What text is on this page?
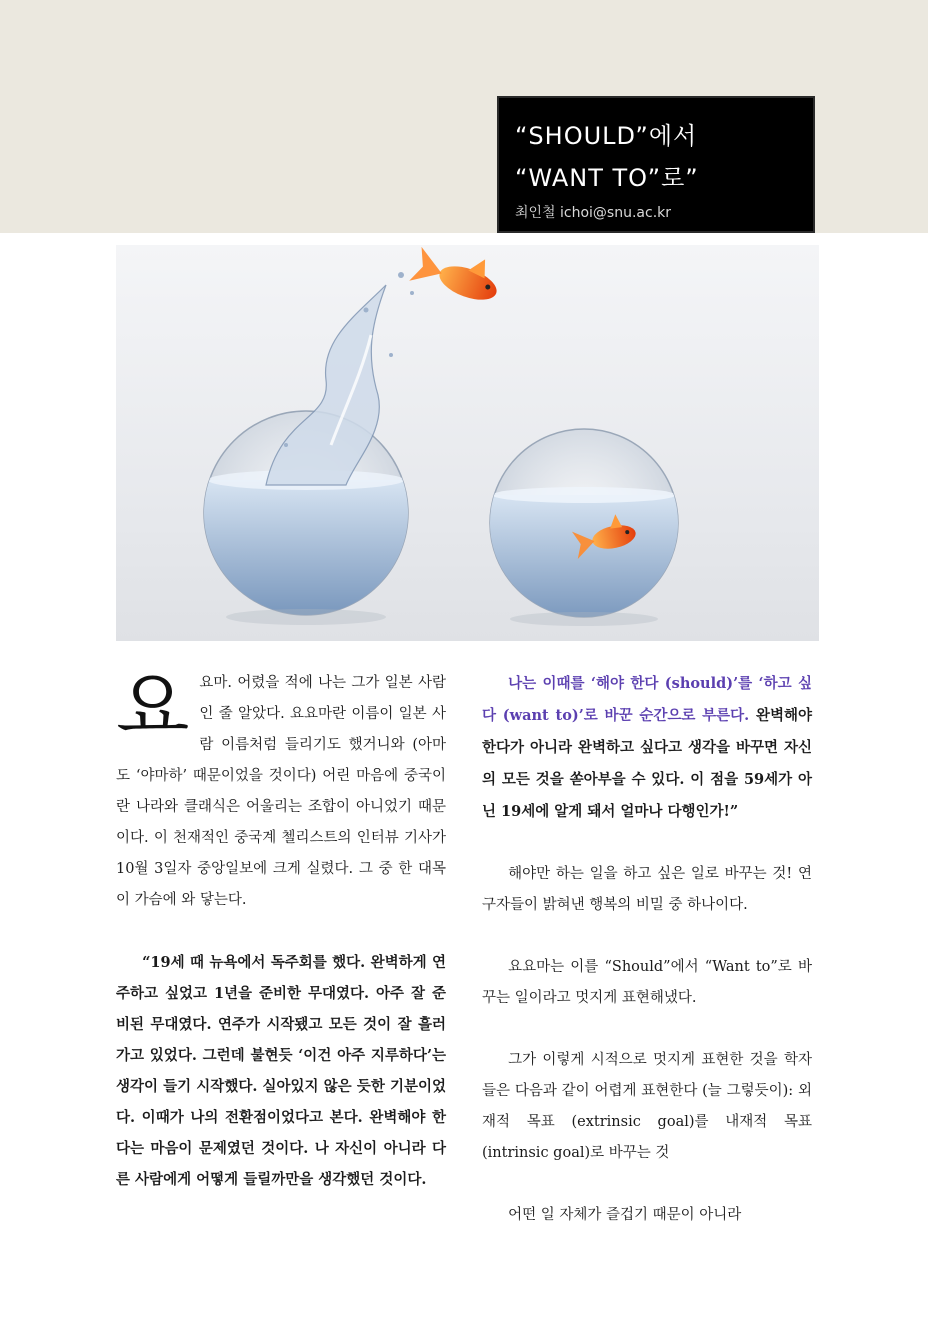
“SHOULD”에서
“WANT TO”로”
최인철 ichoi@snu.ac.kr

요 요마. 어렸을 적에 나는 그가 일본 사람인 줄 알았다. 요요마란 이름이 일본 사람 이름처럼 들리기도 했거니와 (아마도 ‘야마하’ 때문이었을 것이다) 어린 마음에 중국이란 나라와 클래식은 어울리는 조합이 아니었기 때문이다. 이 천재적인 중국계 첼리스트의 인터뷰 기사가 10월 3일자 중앙일보에 크게 실렸다. 그 중 한 대목이 가슴에 와 닿는다.

“19세 때 뉴욕에서 독주회를 했다. 완벽하게 연주하고 싶었고 1년을 준비한 무대였다. 아주 잘 준비된 무대였다. 연주가 시작됐고 모든 것이 잘 흘러가고 있었다. 그런데 불현듯 ‘이건 아주 지루하다’는 생각이 들기 시작했다. 실아있지 않은 듯한 기분이었다. 이때가 나의 전환점이었다고 본다. 완벽해야 한다는 마음이 문제였던 것이다. 나 자신이 아니라 다른 사람에게 어떻게 들릴까만을 생각했던 것이다.

나는 이때를 ‘해야 한다 (should)’를 ‘하고 싶다 (want to)’로 바꾼 순간으로 부른다. 완벽해야 한다가 아니라 완벽하고 싶다고 생각을 바꾸면 자신의 모든 것을 쏟아부을 수 있다. 이 점을 59세가 아닌 19세에 알게 돼서 얼마나 다행인가!”

해야만 하는 일을 하고 싶은 일로 바꾸는 것! 연구자들이 밝혀낸 행복의 비밀 중 하나이다.

요요마는 이를 “Should”에서 “Want to”로 바꾸는 일이라고 멋지게 표현해냈다.

그가 이렇게 시적으로 멋지게 표현한 것을 학자들은 다음과 같이 어렵게 표현한다 (늘 그렇듯이): 외재적 목표 (extrinsic goal)를 내재적 목표 (intrinsic goal)로 바꾸는 것

어떤 일 자체가 즐겁기 때문이 아니라
